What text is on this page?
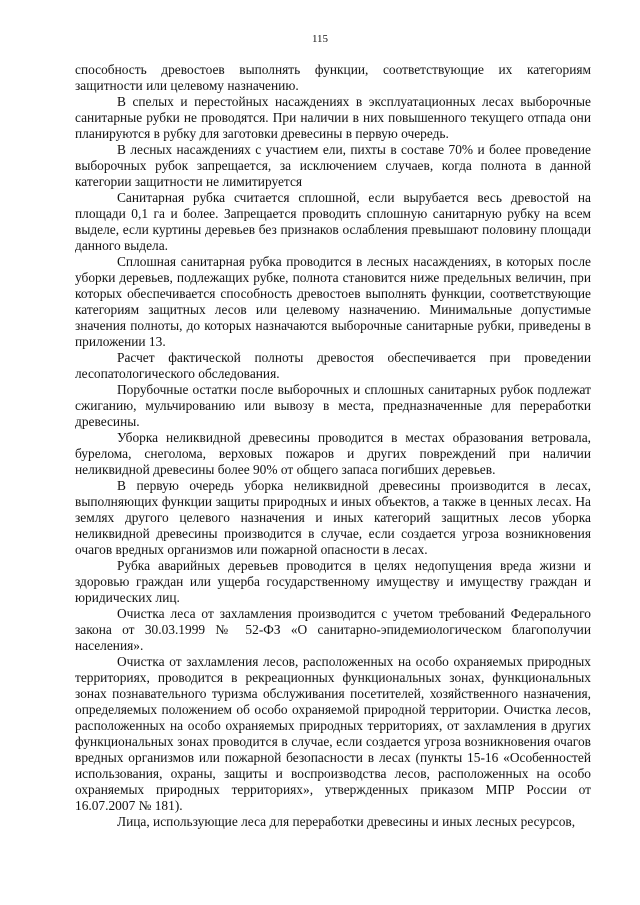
115

способность древостоев выполнять функции, соответствующие их категориям защитности или целевому назначению.

В спелых и перестойных насаждениях в эксплуатационных лесах выборочные санитарные рубки не проводятся. При наличии в них повышенного текущего отпада они планируются в рубку для заготовки древесины в первую очередь.

В лесных насаждениях с участием ели, пихты в составе 70% и более проведение выборочных рубок запрещается, за исключением случаев, когда полнота в данной категории защитности не лимитируется

Санитарная рубка считается сплошной, если вырубается весь древостой на площади 0,1 га и более. Запрещается проводить сплошную санитарную рубку на всем выделе, если куртины деревьев без признаков ослабления превышают половину площади данного выдела.

Сплошная санитарная рубка проводится в лесных насаждениях, в которых после уборки деревьев, подлежащих рубке, полнота становится ниже предельных величин, при которых обеспечивается способность древостоев выполнять функции, соответствующие категориям защитных лесов или целевому назначению. Минимальные допустимые значения полноты, до которых назначаются выборочные санитарные рубки, приведены в приложении 13.

Расчет фактической полноты древостоя обеспечивается при проведении лесопатологического обследования.

Порубочные остатки после выборочных и сплошных санитарных рубок подлежат сжиганию, мульчированию или вывозу в места, предназначенные для переработки древесины.

Уборка неликвидной древесины проводится в местах образования ветровала, бурелома, снеголома, верховых пожаров и других повреждений при наличии неликвидной древесины более 90% от общего запаса погибших деревьев.

В первую очередь уборка неликвидной древесины производится в лесах, выполняющих функции защиты природных и иных объектов, а также в ценных лесах. На землях другого целевого назначения и иных категорий защитных лесов уборка неликвидной древесины производится в случае, если создается угроза возникновения очагов вредных организмов или пожарной опасности в лесах.

Рубка аварийных деревьев проводится в целях недопущения вреда жизни и здоровью граждан или ущерба государственному имуществу и имуществу граждан и юридических лиц.

Очистка леса от захламления производится с учетом требований Федерального закона от 30.03.1999 № 52-ФЗ «О санитарно-эпидемиологическом благополучии населения».

Очистка от захламления лесов, расположенных на особо охраняемых природных территориях, проводится в рекреационных функциональных зонах, функциональных зонах познавательного туризма обслуживания посетителей, хозяйственного назначения, определяемых положением об особо охраняемой природной территории. Очистка лесов, расположенных на особо охраняемых природных территориях, от захламления в других функциональных зонах проводится в случае, если создается угроза возникновения очагов вредных организмов или пожарной безопасности в лесах (пункты 15-16 «Особенностей использования, охраны, защиты и воспроизводства лесов, расположенных на особо охраняемых природных территориях», утвержденных приказом МПР России от 16.07.2007 № 181).

Лица, использующие леса для переработки древесины и иных лесных ресурсов,
